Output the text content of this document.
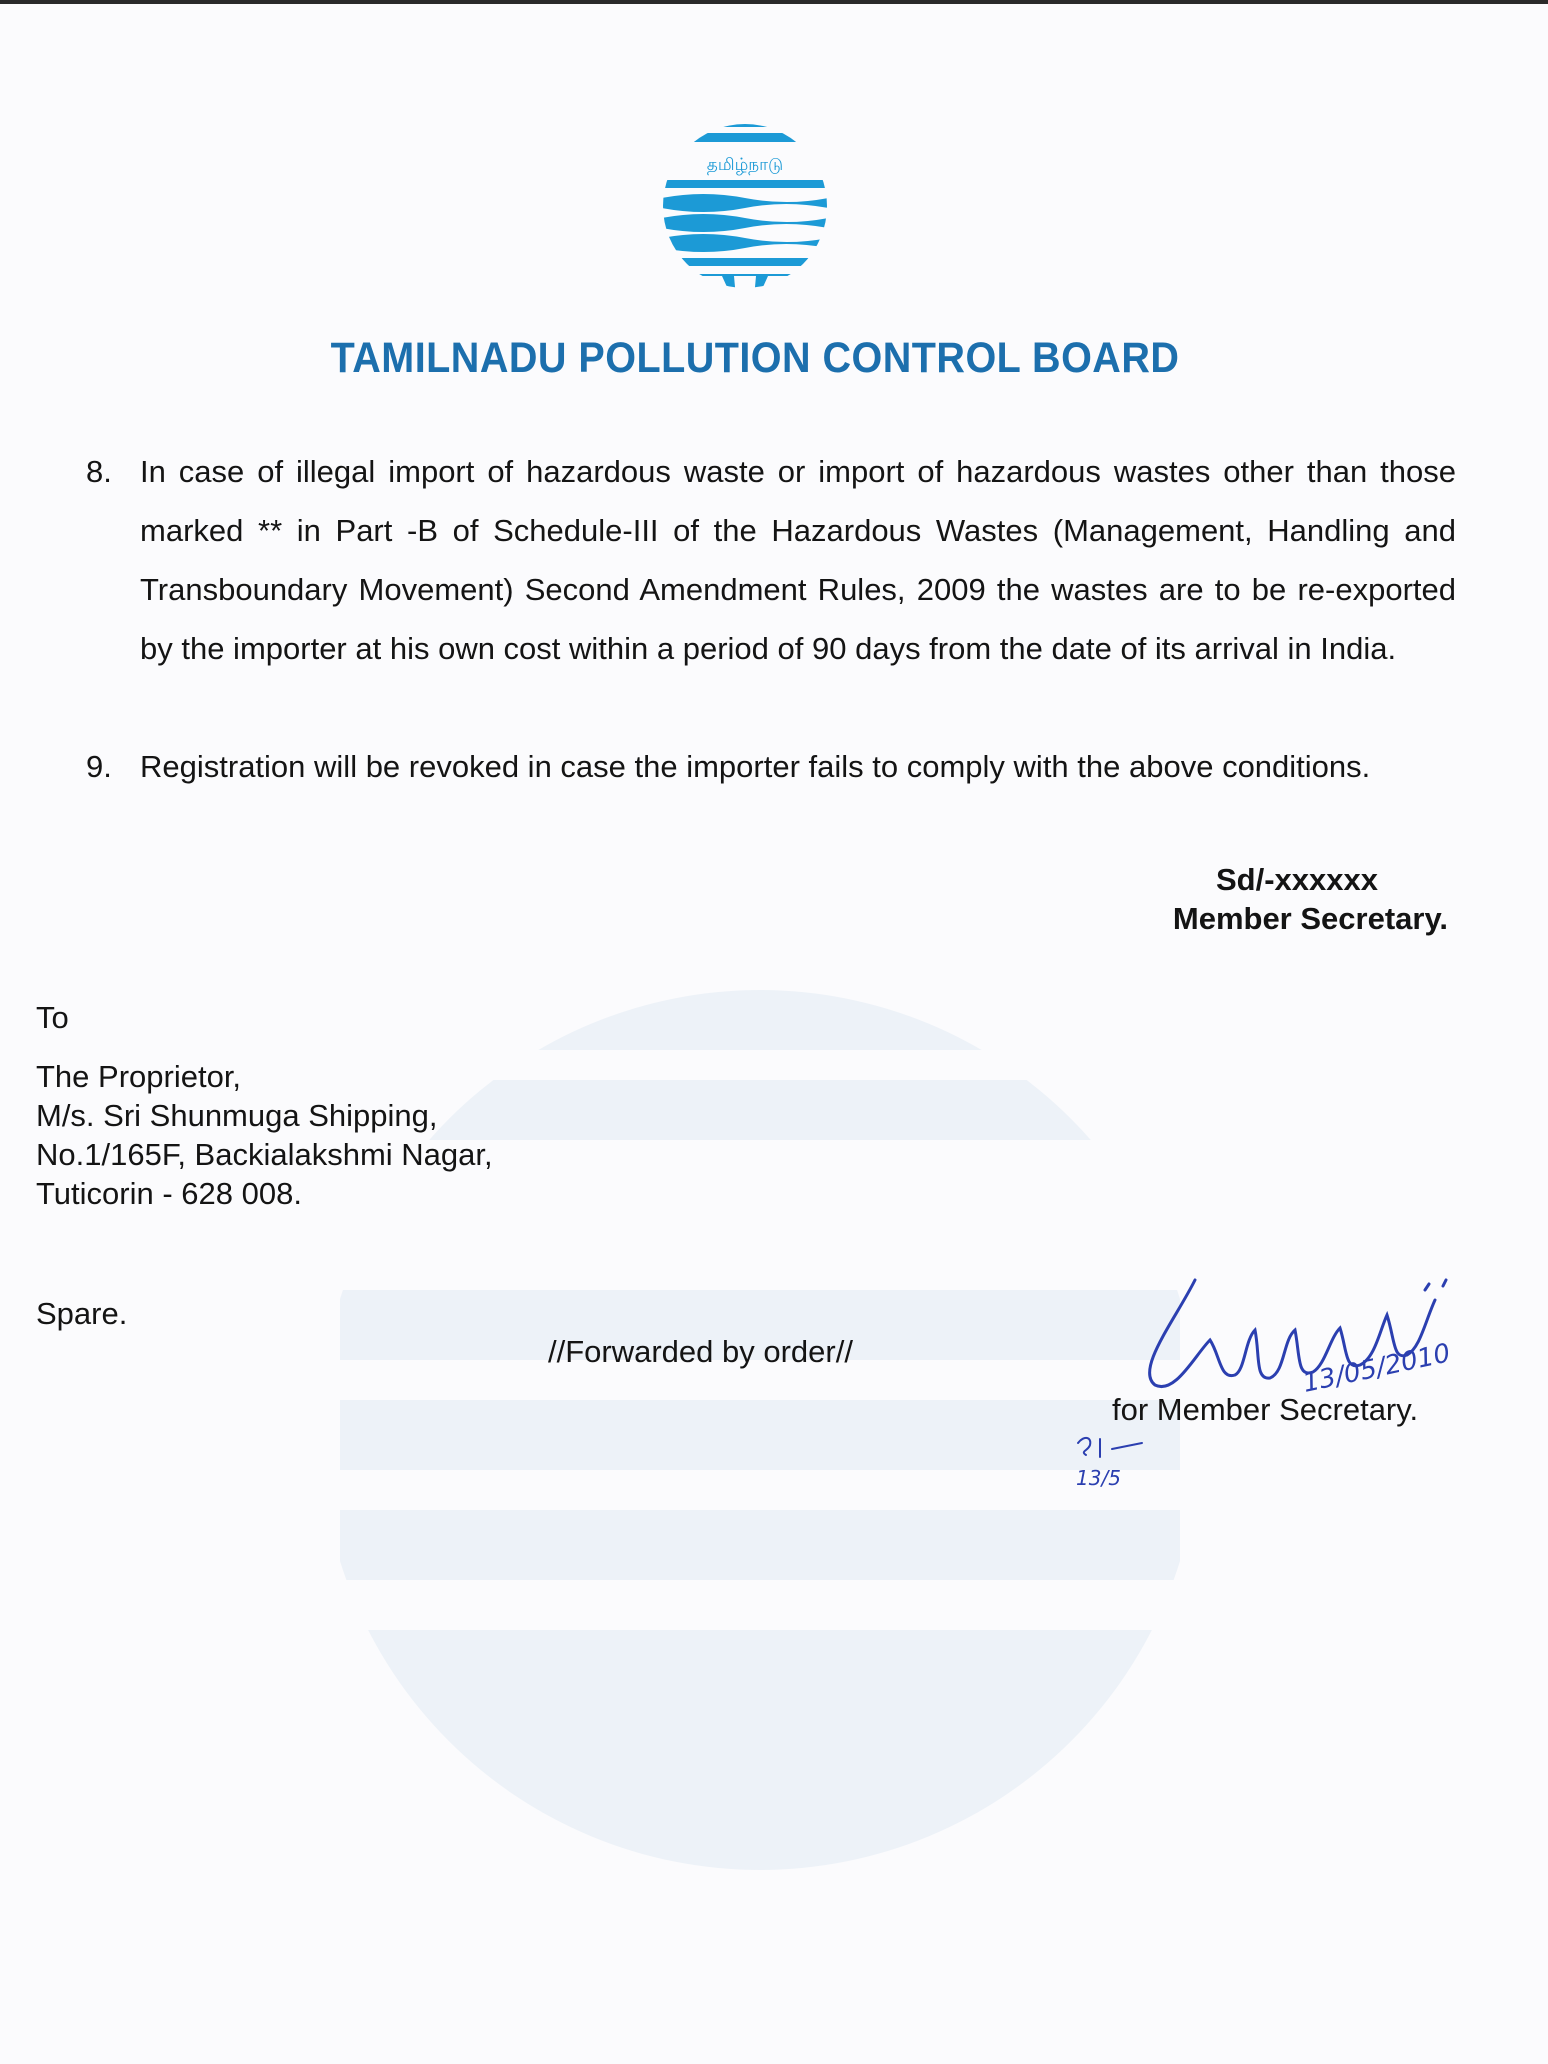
தமிழ்நாடு
TAMILNADU POLLUTION CONTROL BOARD
8. In case of illegal import of hazardous waste or import of hazardous wastes other than those marked ** in Part -B of Schedule-III of the Hazardous Wastes (Management, Handling and Transboundary Movement) Second Amendment Rules, 2009 the wastes are to be re-exported by the importer at his own cost within a period of 90 days from the date of its arrival in India.
9. Registration will be revoked in case the importer fails to comply with the above conditions.
Sd/-xxxxxx
Member Secretary.
To
The Proprietor,
M/s. Sri Shunmuga Shipping,
No.1/165F, Backialakshmi Nagar,
Tuticorin - 628 008.
Spare.
//Forwarded by order//	13/05/2010
for Member Secretary.
13/5
